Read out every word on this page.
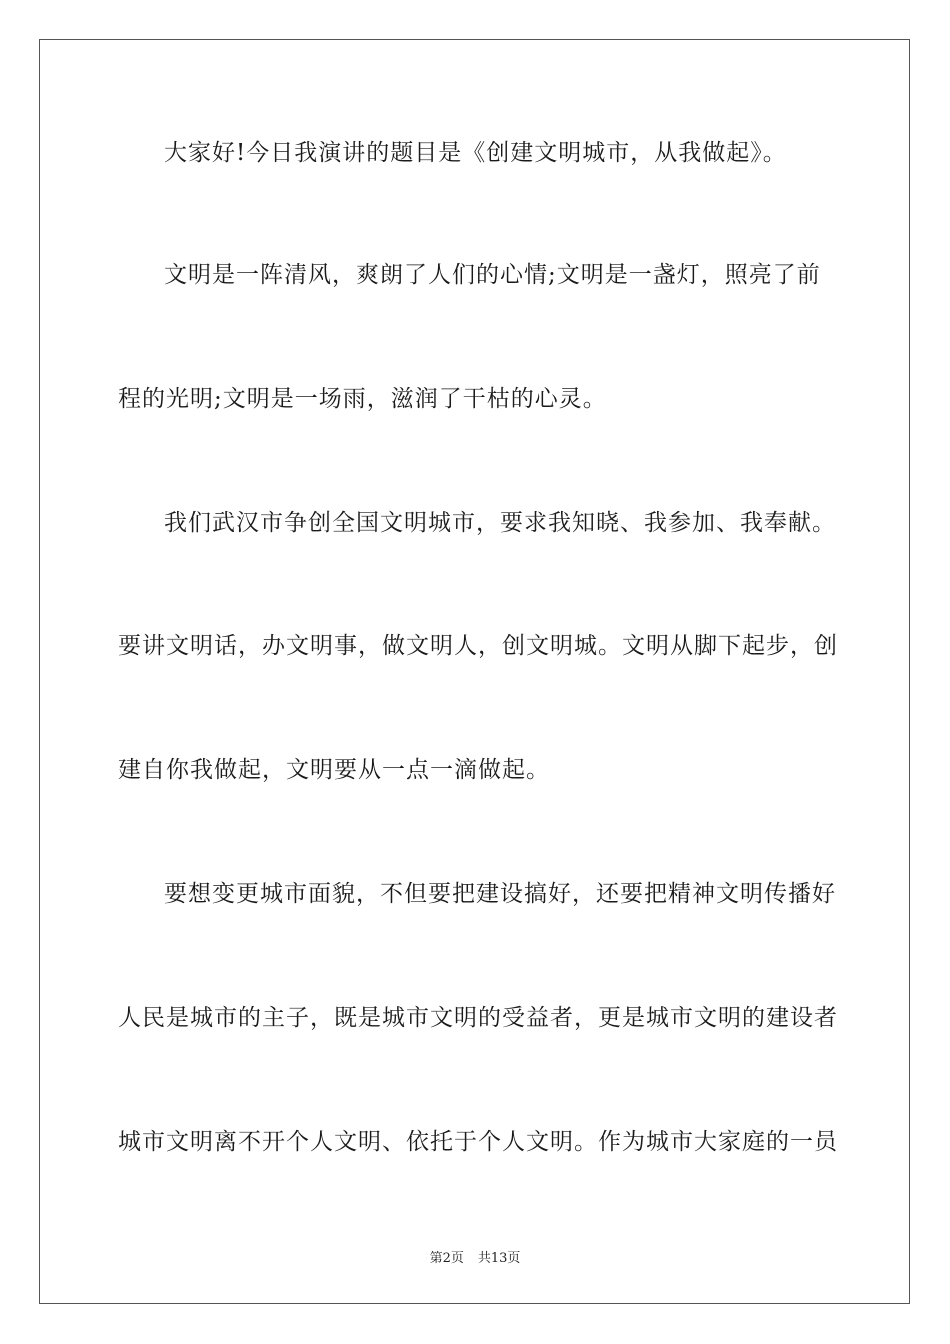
大家好!今日我演讲的题目是《创建文明城市，从我做起》。
文明是一阵清风，爽朗了人们的心情;文明是一盏灯，照亮了前
程的光明;文明是一场雨，滋润了干枯的心灵。
我们武汉市争创全国文明城市，要求我知晓、我参加、我奉献。
要讲文明话，办文明事，做文明人，创文明城。文明从脚下起步，创
建自你我做起，文明要从一点一滴做起。
要想变更城市面貌，不但要把建设搞好，还要把精神文明传播好
人民是城市的主子，既是城市文明的受益者，更是城市文明的建设者
城市文明离不开个人文明、依托于个人文明。作为城市大家庭的一员
第2页 共13页
